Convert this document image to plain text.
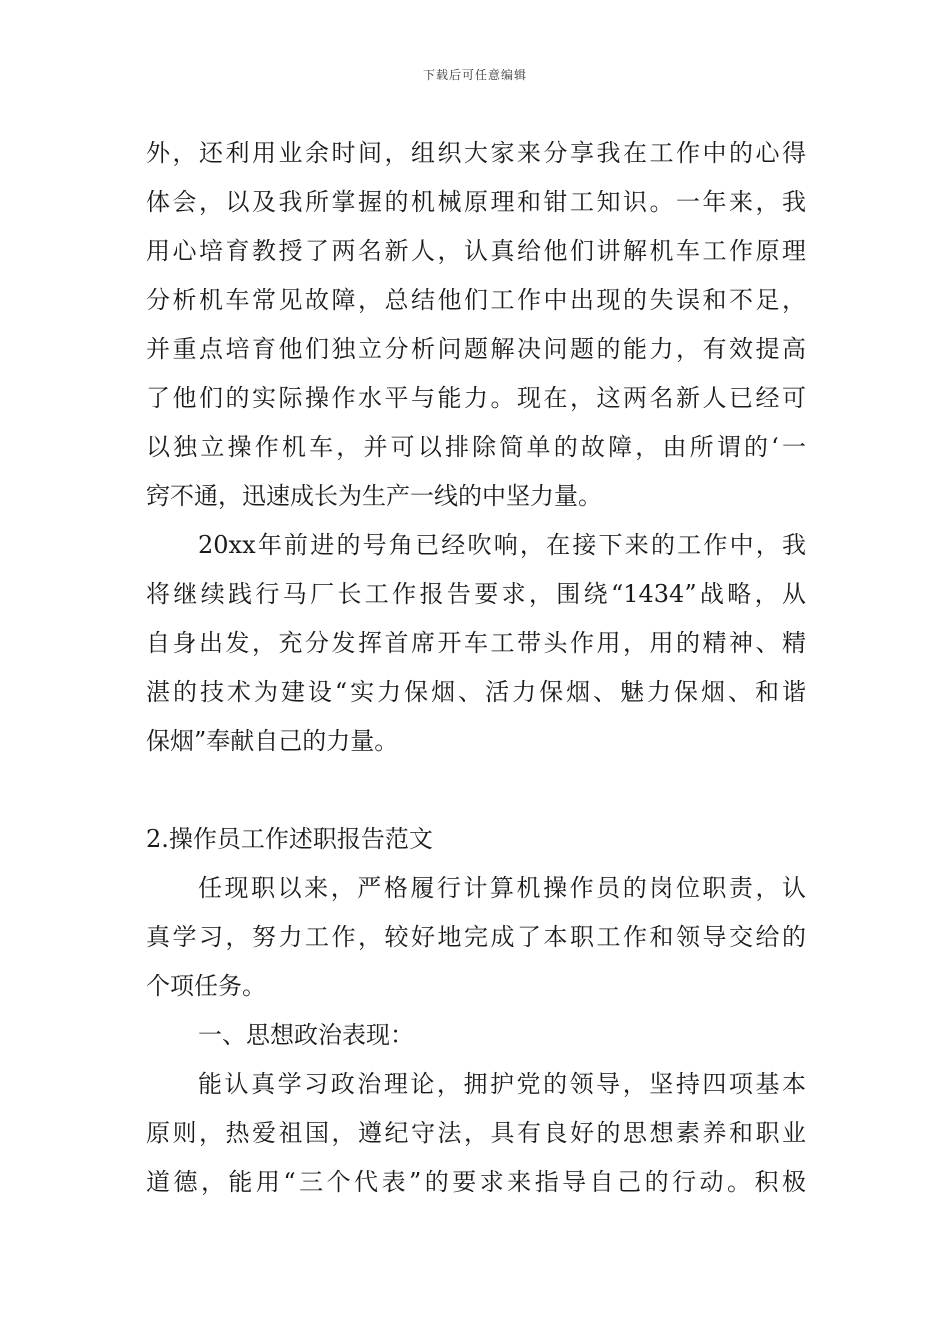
下载后可任意编辑
外，还利用业余时间，组织大家来分享我在工作中的心得
体会，以及我所掌握的机械原理和钳工知识。一年来，我
用心培育教授了两名新人，认真给他们讲解机车工作原理
分析机车常见故障，总结他们工作中出现的失误和不足，
并重点培育他们独立分析问题解决问题的能力，有效提高
了他们的实际操作水平与能力。现在，这两名新人已经可
以独立操作机车，并可以排除简单的故障，由所谓的‘一
窍不通，迅速成长为生产一线的中坚力量。
20xx年前进的号角已经吹响，在接下来的工作中，我
将继续践行马厂长工作报告要求，围绕“1434”战略，从
自身出发，充分发挥首席开车工带头作用，用的精神、精
湛的技术为建设“实力保烟、活力保烟、魅力保烟、和谐
保烟”奉献自己的力量。
2.操作员工作述职报告范文
任现职以来，严格履行计算机操作员的岗位职责，认
真学习，努力工作，较好地完成了本职工作和领导交给的
个项任务。
一、思想政治表现：
能认真学习政治理论，拥护党的领导，坚持四项基本
原则，热爱祖国，遵纪守法，具有良好的思想素养和职业
道德，能用“三个代表”的要求来指导自己的行动。积极
